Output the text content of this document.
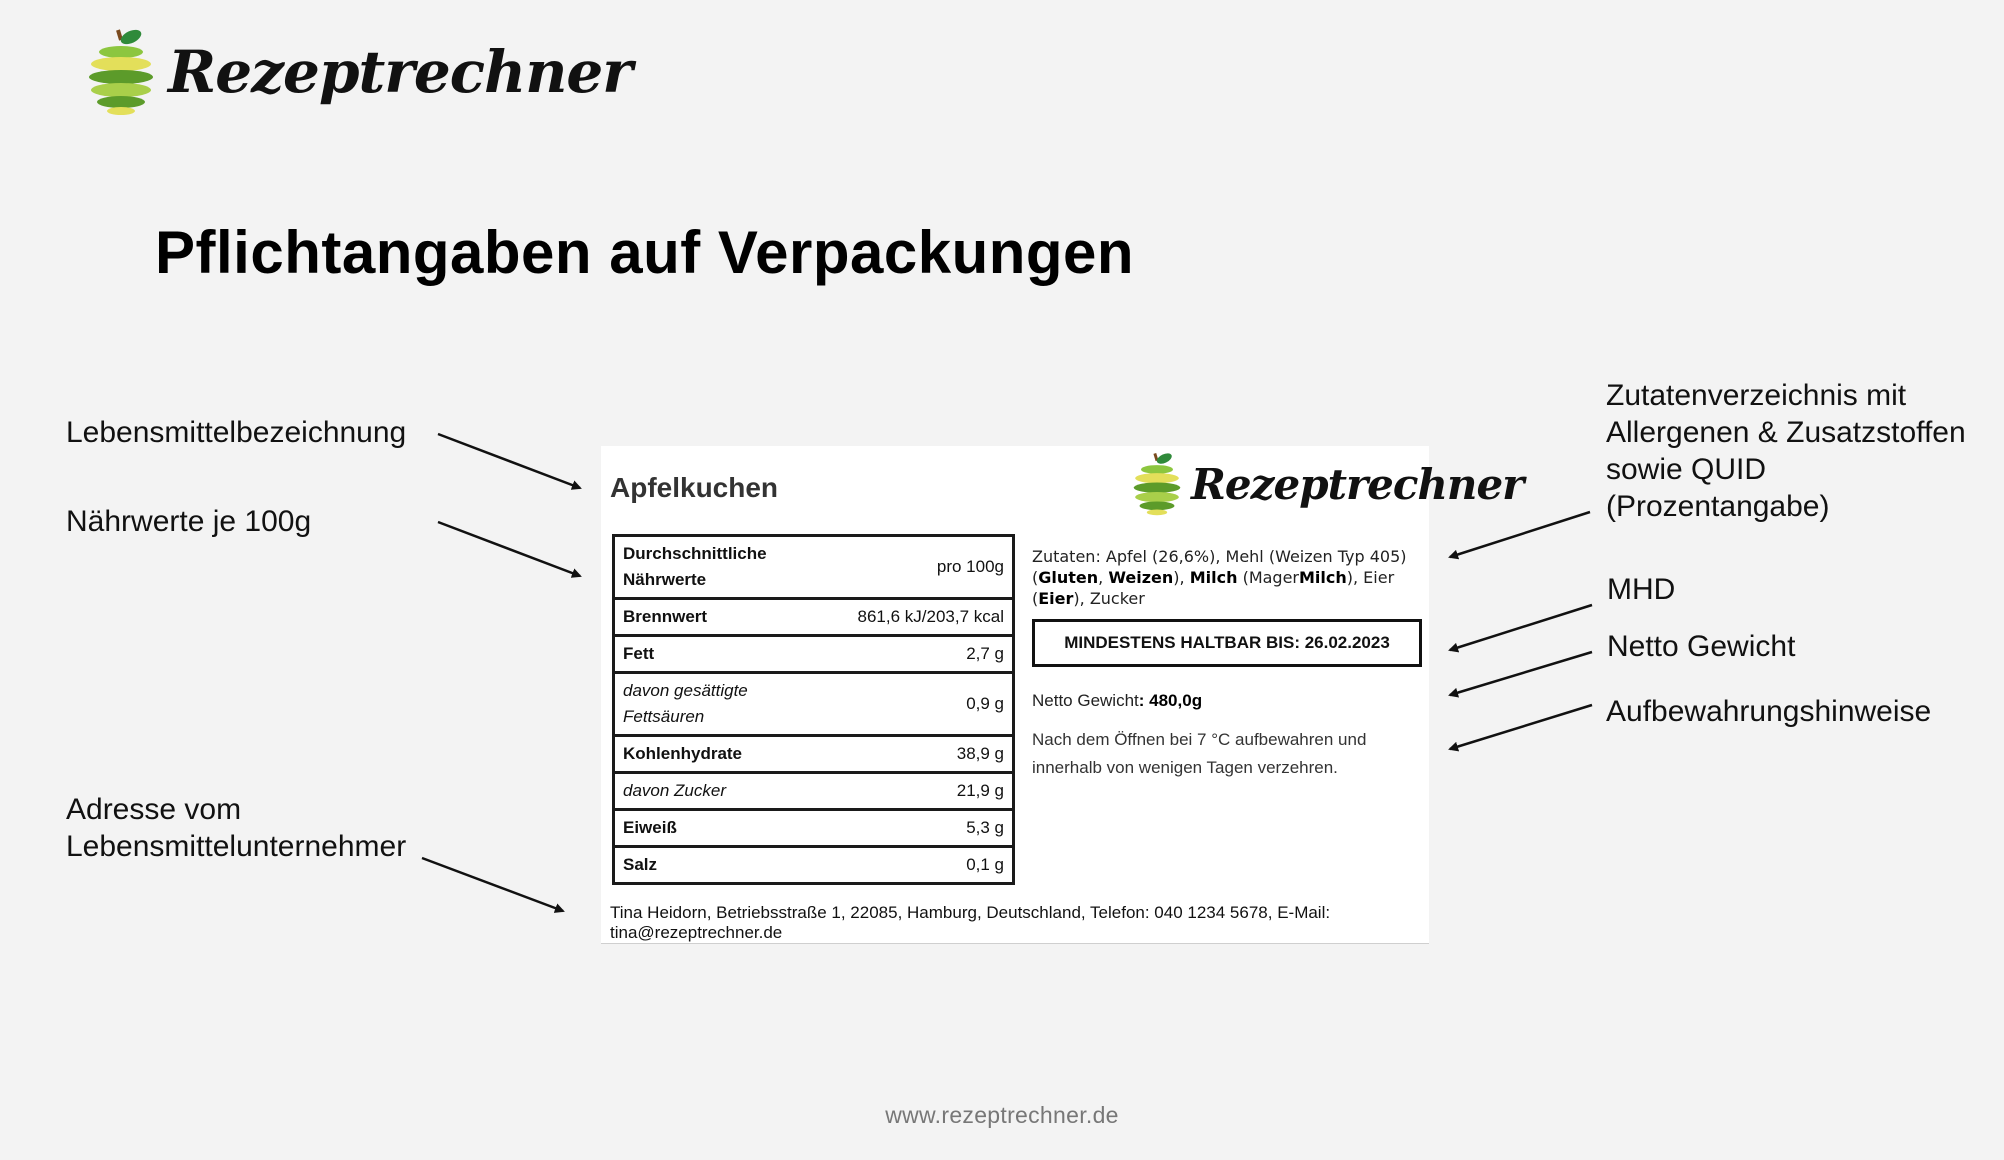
Rezeptrechner
Pflichtangaben auf Verpackungen
Lebensmittelbezeichnung
Nährwerte je 100g
Adresse vom
Lebensmittelunternehmer
Zutatenverzeichnis mit
Allergenen & Zusatzstoffen
sowie QUID
(Prozentangabe)
MHD
Netto Gewicht
Aufbewahrungshinweise
Apfelkuchen	Rezeptrechner
Durchschnittliche
Nährwerte	pro 100g
Brennwert	861,6 kJ/203,7 kcal
Fett	2,7 g

davon gesättigte
Fettsäuren	0,9 g
Kohlenhydrate	38,9 g
davon Zucker	21,9 g
Eiweiß	5,3 g
Salz	0,1 g
Zutaten: Apfel (26,6%), Mehl (Weizen Typ 405) (Gluten, Weizen), Milch (MagerMilch), Eier (Eier), Zucker
MINDESTENS HALTBAR BIS: 26.02.2023
Netto Gewicht: 480,0g
Nach dem Öffnen bei 7 °C aufbewahren und innerhalb von wenigen Tagen verzehren.
Tina Heidorn, Betriebsstraße 1, 22085, Hamburg, Deutschland, Telefon: 040 1234 5678, E-Mail: tina@rezeptrechner.de
www.rezeptrechner.de
